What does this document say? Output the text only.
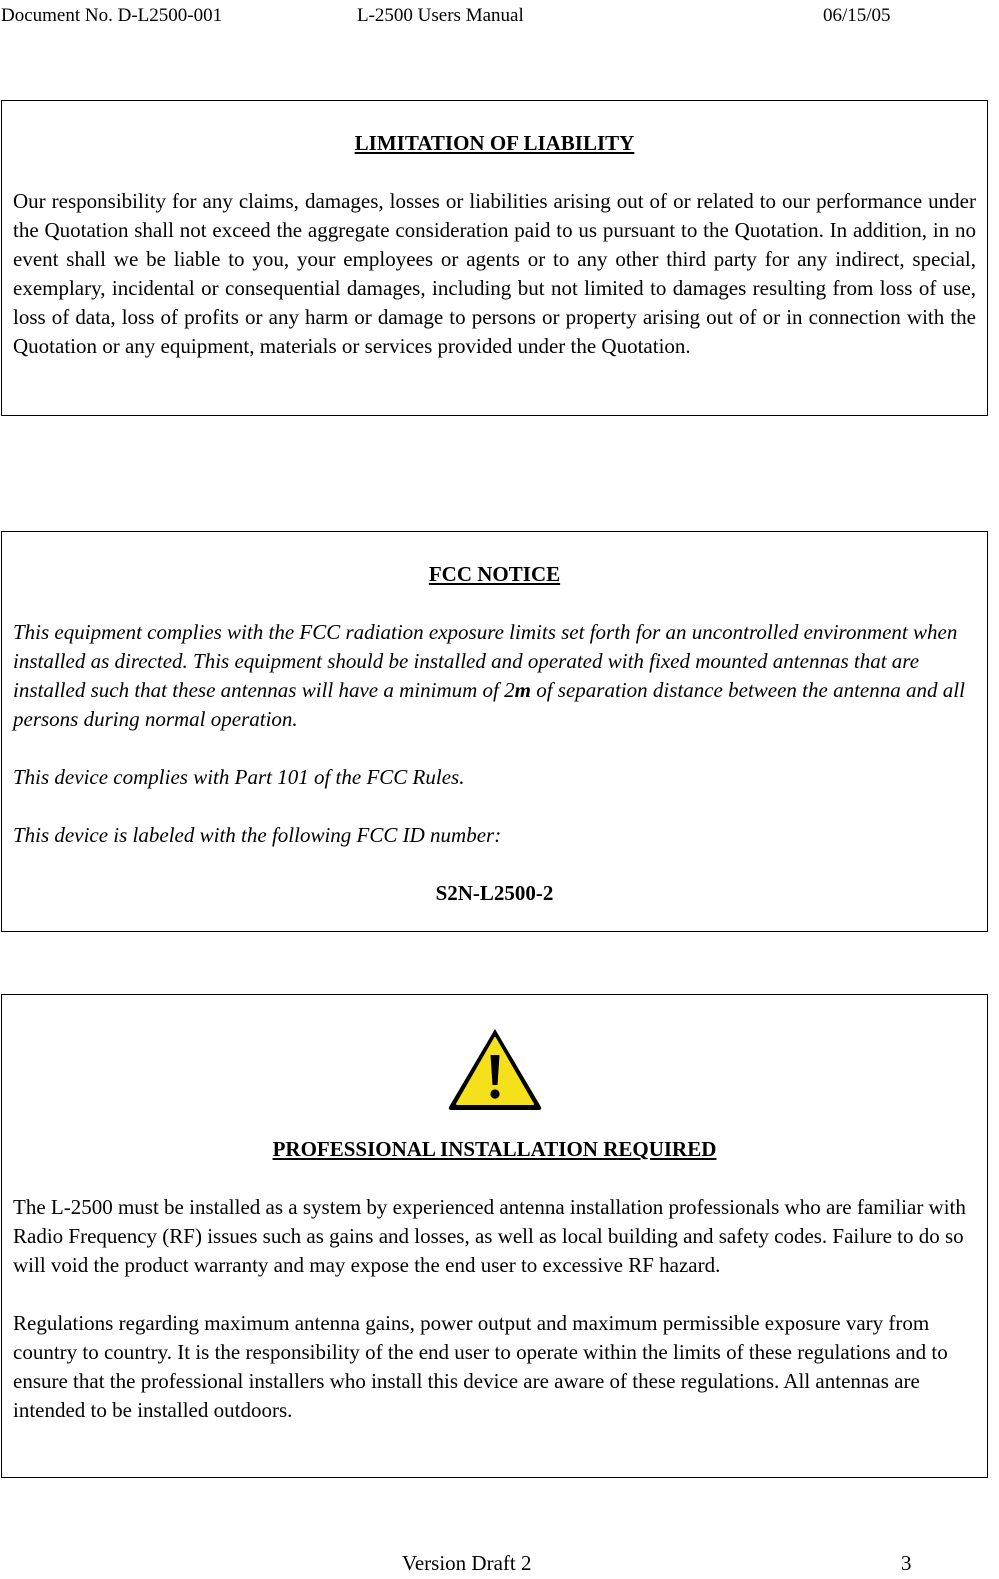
Document No. D-L2500-001	L-2500 Users Manual	06/15/05

LIMITATION OF LIABILITY

Our responsibility for any claims, damages, losses or liabilities arising out of or related to our performance under the Quotation shall not exceed the aggregate consideration paid to us pursuant to the Quotation. In addition, in no event shall we be liable to you, your employees or agents or to any other third party for any indirect, special, exemplary, incidental or consequential damages, including but not limited to damages resulting from loss of use, loss of data, loss of profits or any harm or damage to persons or property arising out of or in connection with the Quotation or any equipment, materials or services provided under the Quotation.

FCC NOTICE

This equipment complies with the FCC radiation exposure limits set forth for an uncontrolled environment when installed as directed. This equipment should be installed and operated with fixed mounted antennas that are installed such that these antennas will have a minimum of 2m of separation distance between the antenna and all persons during normal operation.

This device complies with Part 101 of the FCC Rules.

This device is labeled with the following FCC ID number:

S2N-L2500-2

PROFESSIONAL INSTALLATION REQUIRED

The L-2500 must be installed as a system by experienced antenna installation professionals who are familiar with Radio Frequency (RF) issues such as gains and losses, as well as local building and safety codes. Failure to do so will void the product warranty and may expose the end user to excessive RF hazard.

Regulations regarding maximum antenna gains, power output and maximum permissible exposure vary from country to country. It is the responsibility of the end user to operate within the limits of these regulations and to ensure that the professional installers who install this device are aware of these regulations. All antennas are intended to be installed outdoors.

Version Draft 2	3
